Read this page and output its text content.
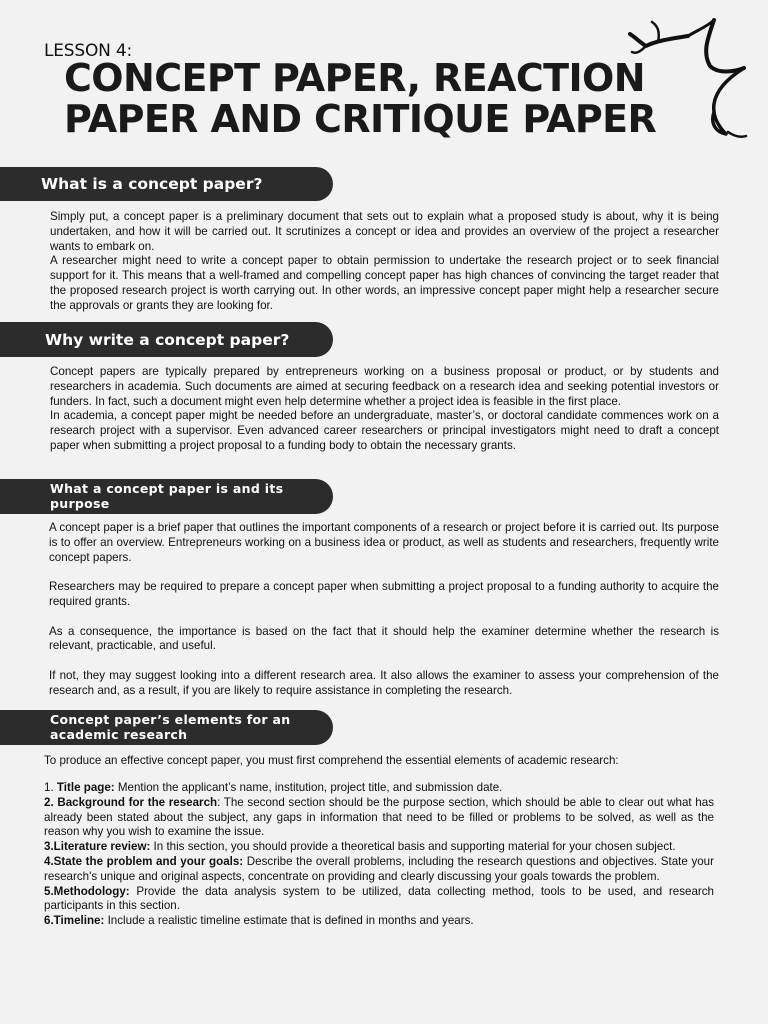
LESSON 4:
CONCEPT PAPER, REACTION
PAPER AND CRITIQUE PAPER
What is a concept paper?

Simply put, a concept paper is a preliminary document that sets out to explain what a proposed study is about, why it is being undertaken, and how it will be carried out. It scrutinizes a concept or idea and provides an overview of the project a researcher wants to embark on.

A researcher might need to write a concept paper to obtain permission to undertake the research project or to seek financial support for it. This means that a well-framed and compelling concept paper has high chances of convincing the target reader that the proposed research project is worth carrying out. In other words, an impressive concept paper might help a researcher secure the approvals or grants they are looking for.

Why write a concept paper?

Concept papers are typically prepared by entrepreneurs working on a business proposal or product, or by students and researchers in academia. Such documents are aimed at securing feedback on a research idea and seeking potential investors or funders. In fact, such a document might even help determine whether a project idea is feasible in the first place.

In academia, a concept paper might be needed before an undergraduate, master’s, or doctoral candidate commences work on a research project with a supervisor. Even advanced career researchers or principal investigators might need to draft a concept paper when submitting a project proposal to a funding body to obtain the necessary grants.

What a concept paper is and its purpose

A concept paper is a brief paper that outlines the important components of a research or project before it is carried out. Its purpose is to offer an overview. Entrepreneurs working on a business idea or product, as well as students and researchers, frequently write concept papers.

Researchers may be required to prepare a concept paper when submitting a project proposal to a funding authority to acquire the required grants.

As a consequence, the importance is based on the fact that it should help the examiner determine whether the research is relevant, practicable, and useful.

If not, they may suggest looking into a different research area. It also allows the examiner to assess your comprehension of the research and, as a result, if you are likely to require assistance in completing the research.

Concept paper’s elements for an academic research

To produce an effective concept paper, you must first comprehend the essential elements of academic research:

1. Title page: Mention the applicant’s name, institution, project title, and submission date.

2. Background for the research: The second section should be the purpose section, which should be able to clear out what has already been stated about the subject, any gaps in information that need to be filled or problems to be solved, as well as the reason why you wish to examine the issue.

3.Literature review: In this section, you should provide a theoretical basis and supporting material for your chosen subject.

4.State the problem and your goals: Describe the overall problems, including the research questions and objectives. State your research's unique and original aspects, concentrate on providing and clearly discussing your goals towards the problem.

5.Methodology: Provide the data analysis system to be utilized, data collecting method, tools to be used, and research participants in this section.

6.Timeline: Include a realistic timeline estimate that is defined in months and years.
